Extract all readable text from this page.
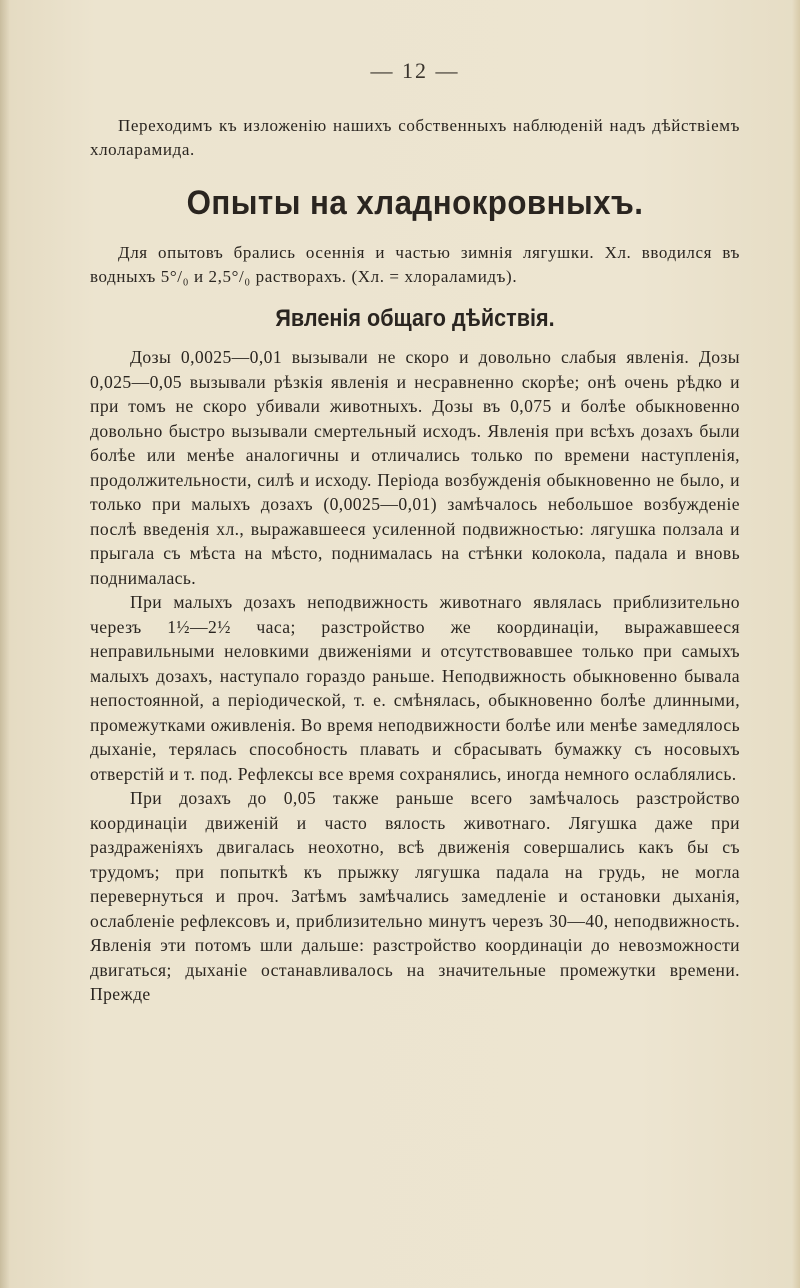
— 12 —

Переходимъ къ изложенію нашихъ собственныхъ наблюденій надъ дѣйствіемъ хлоларамида.

Опыты на хладнокровныхъ.

Для опытовъ брались осеннія и частью зимнія лягушки. Хл. вводился въ водныхъ 5°/₀ и 2,5°/₀ растворахъ. (Хл. = хлораламидъ).

Явленія общаго дѣйствія.

Дозы 0,0025—0,01 вызывали не скоро и довольно слабыя явленія. Дозы 0,025—0,05 вызывали рѣзкія явленія и несравненно скорѣе; онѣ очень рѣдко и при томъ не скоро убивали животныхъ. Дозы въ 0,075 и болѣе обыкновенно довольно быстро вызывали смертельный исходъ. Явленія при всѣхъ дозахъ были болѣе или менѣе аналогичны и отличались только по времени наступленія, продолжительности, силѣ и исходу. Періода возбужденія обыкновенно не было, и только при малыхъ дозахъ (0,0025—0,01) замѣчалось небольшое возбужденіе послѣ введенія хл., выражавшееся усиленной подвижностью: лягушка ползала и прыгала съ мѣста на мѣсто, поднималась на стѣнки колокола, падала и вновь поднималась.

При малыхъ дозахъ неподвижность животнаго являлась приблизительно черезъ 1½—2½ часа; разстройство же координаціи, выражавшееся неправильными неловкими движеніями и отсутствовавшее только при самыхъ малыхъ дозахъ, наступало гораздо раньше. Неподвижность обыкновенно бывала непостоянной, а періодической, т. е. смѣнялась, обыкновенно болѣе длинными, промежутками оживленія. Во время неподвижности болѣе или менѣе замедлялось дыханіе, терялась способность плавать и сбрасывать бумажку съ носовыхъ отверстій и т. под. Рефлексы все время сохранялись, иногда немного ослаблялись.

При дозахъ до 0,05 также раньше всего замѣчалось разстройство координаціи движеній и часто вялость животнаго. Лягушка даже при раздраженіяхъ двигалась неохотно, всѣ движенія совершались какъ бы съ трудомъ; при попыткѣ къ прыжку лягушка падала на грудь, не могла перевернуться и проч. Затѣмъ замѣчались замедленіе и остановки дыханія, ослабленіе рефлексовъ и, приблизительно минутъ черезъ 30—40, неподвижность. Явленія эти потомъ шли дальше: разстройство координаціи до невозможности двигаться; дыханіе останавливалось на значительные промежутки времени. Прежде
